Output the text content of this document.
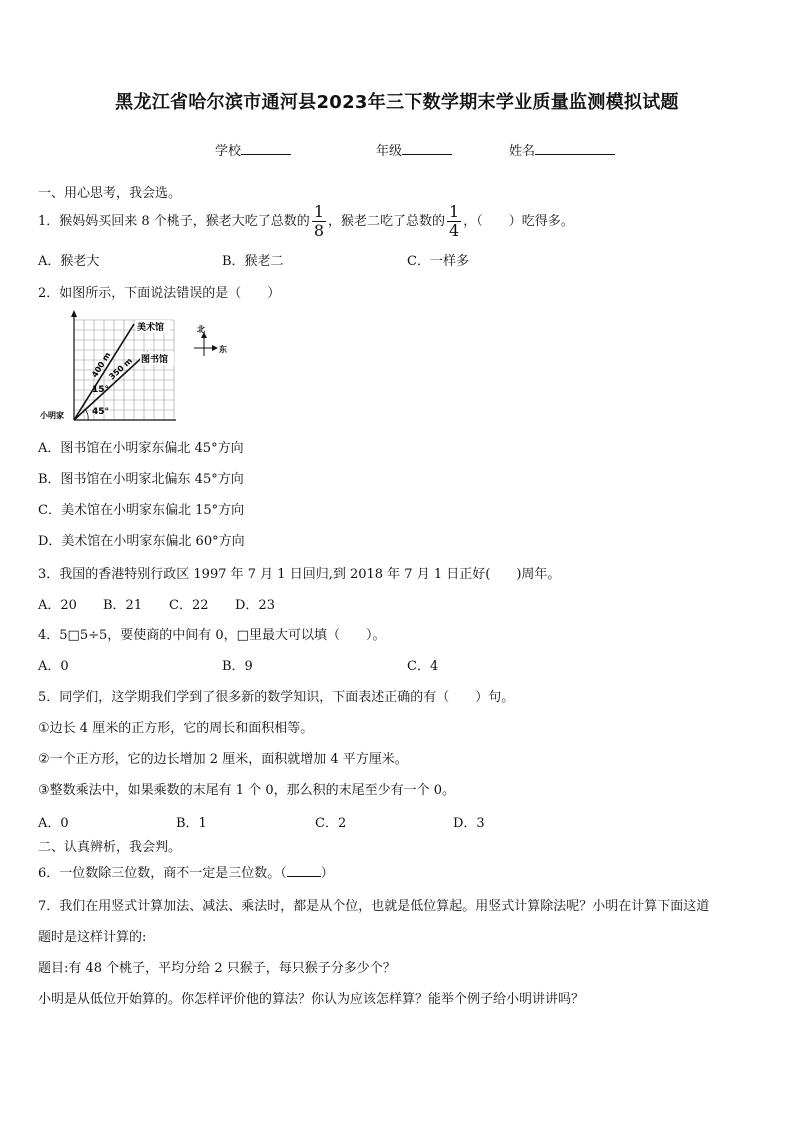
黑龙江省哈尔滨市通河县2023年三下数学期末学业质量监测模拟试题
学校	年级	姓名
一、用心思考，我会选。
1．猴妈妈买回来 8 个桃子，猴老大吃了总数的 $\frac{1}{8}$ ，猴老二吃了总数的 $\frac{1}{4}$ ，（　　）吃得多。
A．猴老大	B．猴老二	C．一样多
2．如图所示，下面说法错误的是（　　）
美术馆
图书馆
400 m
350 m
15°
45°
小明家
北
东
A．图书馆在小明家东偏北 45°方向
B．图书馆在小明家北偏东 45°方向
C．美术馆在小明家东偏北 15°方向
D．美术馆在小明家东偏北 60°方向
3．我国的香港特别行政区 1997 年 7 月 1 日回归,到 2018 年 7 月 1 日正好(　　)周年。
A．20 B．21 C．22 D．23
4．5□5÷5，要使商的中间有 0，□里最大可以填（　　）。
A．0	B．9	C．4
5．同学们，这学期我们学到了很多新的数学知识，下面表述正确的有（　　）句。
①边长 4 厘米的正方形，它的周长和面积相等。
②一个正方形，它的边长增加 2 厘米，面积就增加 4 平方厘米。
③整数乘法中，如果乘数的末尾有 1 个 0，那么积的末尾至少有一个 0。
A．0	B．1	C．2	D．3
二、认真辨析，我会判。
6．一位数除三位数，商不一定是三位数。（	）
7．我们在用竖式计算加法、减法、乘法时，都是从个位，也就是低位算起。用竖式计算除法呢？小明在计算下面这道
题时是这样计算的:
题目:有 48 个桃子，平均分给 2 只猴子，每只猴子分多少个？
小明是从低位开始算的。你怎样评价他的算法？你认为应该怎样算？能举个例子给小明讲讲吗？
